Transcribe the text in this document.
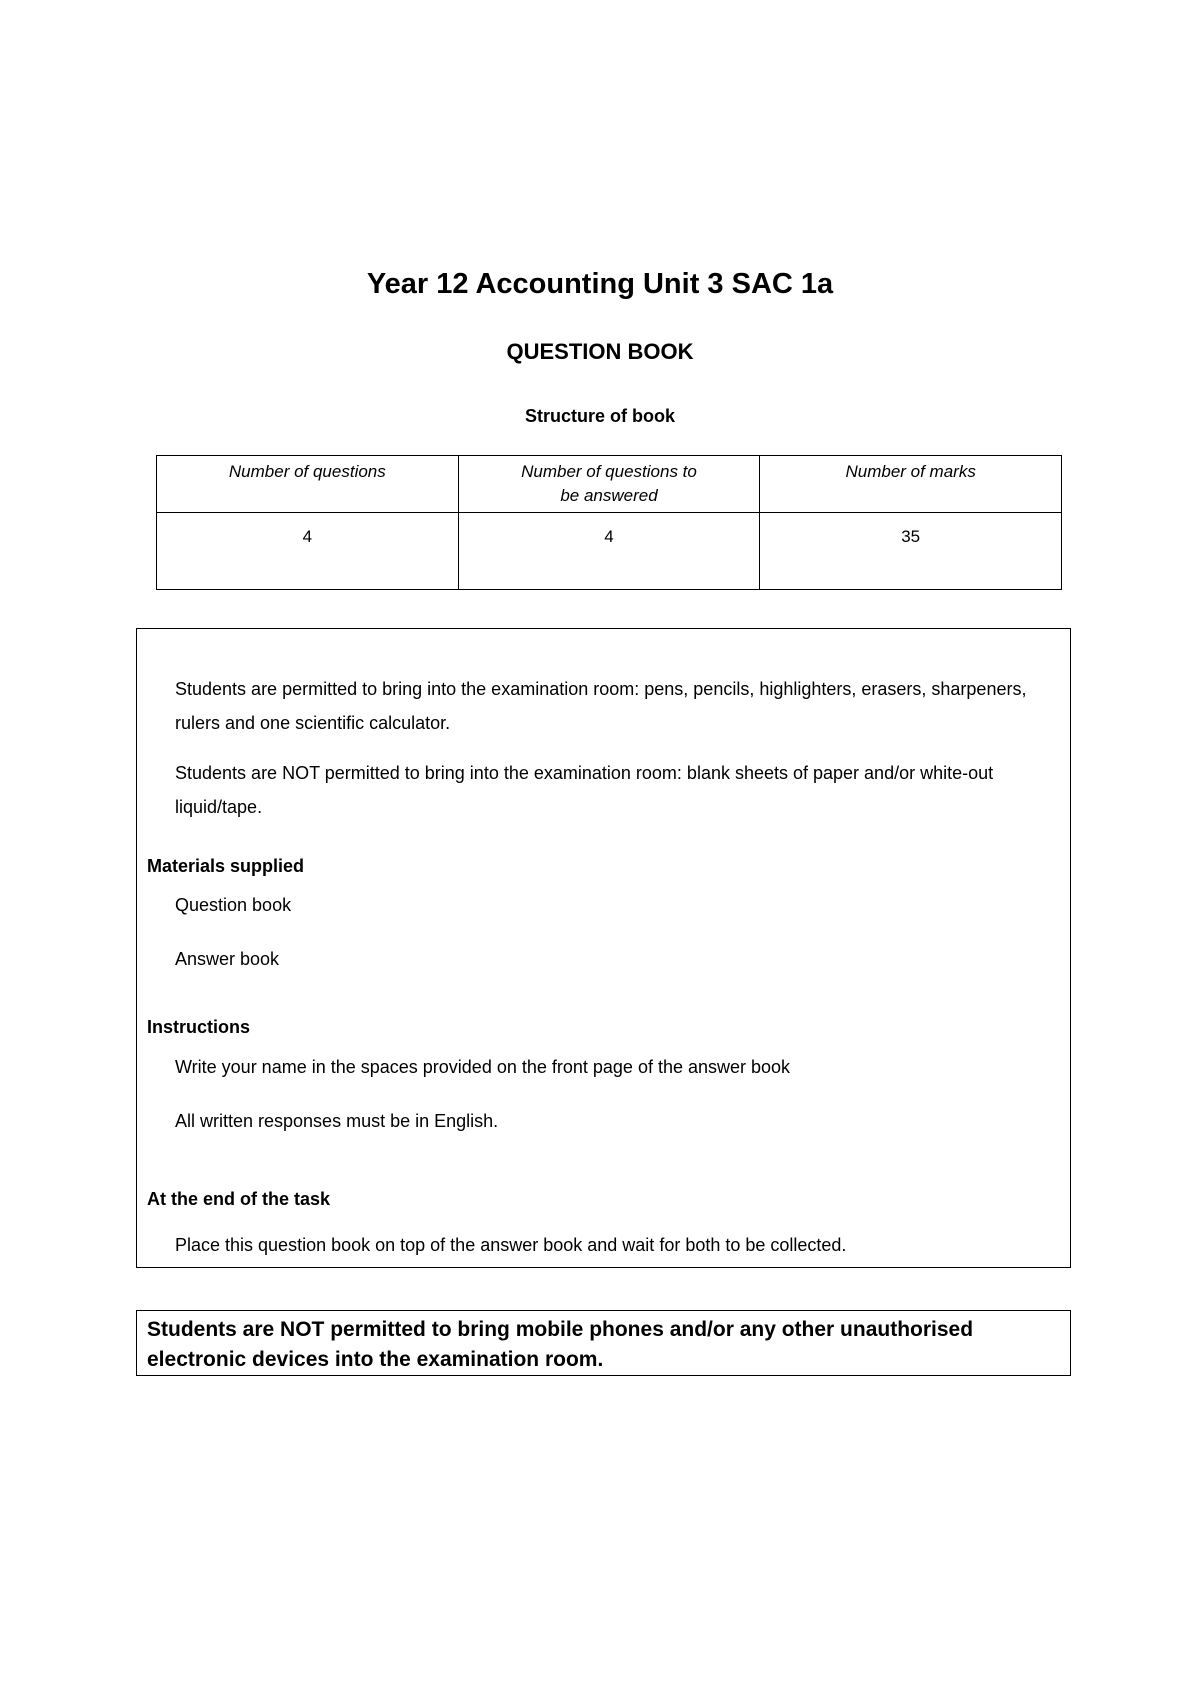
Year 12 Accounting Unit 3 SAC 1a
QUESTION BOOK
Structure of book
Number of questions	Number of questions to be answered	Number of marks
4	4	35
Students are permitted to bring into the examination room: pens, pencils, highlighters, erasers, sharpeners, rulers and one scientific calculator.
Students are NOT permitted to bring into the examination room: blank sheets of paper and/or white-out liquid/tape.
Materials supplied
Question book
Answer book
Instructions
Write your name in the spaces provided on the front page of the answer book
All written responses must be in English.
At the end of the task
Place this question book on top of the answer book and wait for both to be collected.
Students are NOT permitted to bring mobile phones and/or any other unauthorised electronic devices into the examination room.
